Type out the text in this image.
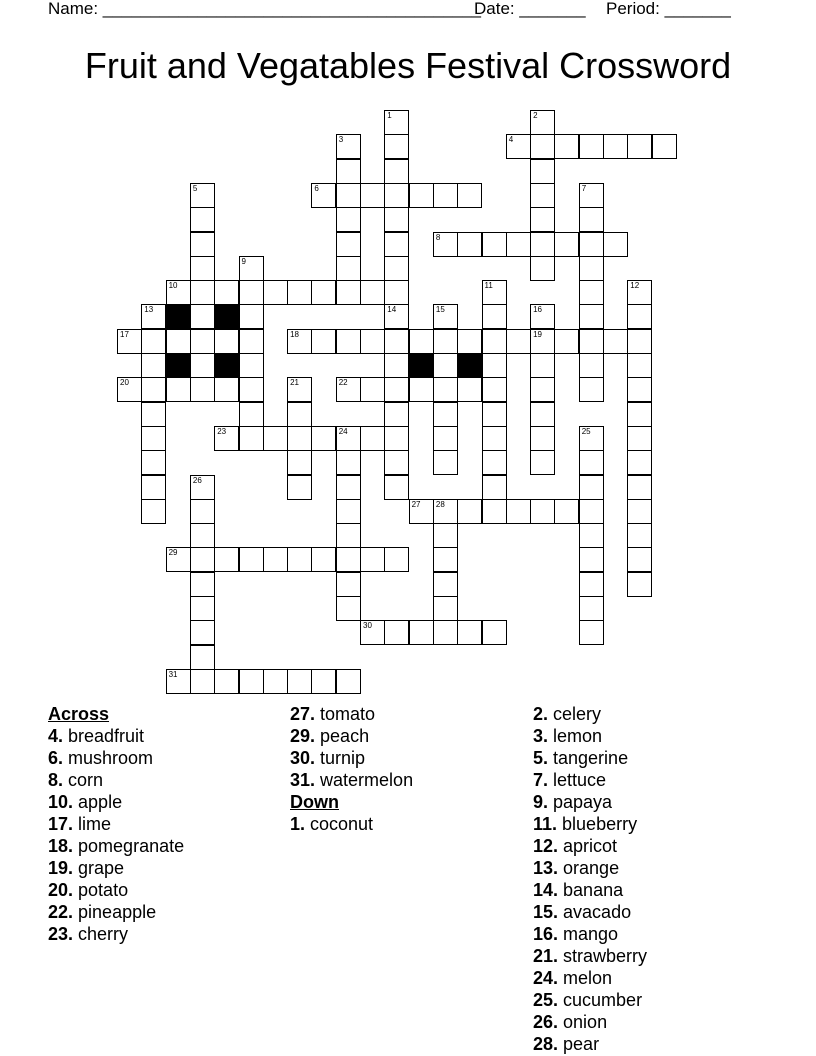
Name: ________________________________________

Date: _______

Period: _______

Fruit and Vegatables Festival Crossword
4
6
8
10
17	18	19
20	22
23	24
27 28
29
30
31
1	2
3
5	7
9
11	12
13	14	15	16
21
25
26
Across
4. breadfruit
6. mushroom
8. corn
10. apple
17. lime
18. pomegranate
19. grape
20. potato
22. pineapple
23. cherry
27. tomato
29. peach
30. turnip
31. watermelon
Down
1. coconut
2. celery
3. lemon
5. tangerine
7. lettuce
9. papaya
11. blueberry
12. apricot
13. orange
14. banana
15. avacado
16. mango
21. strawberry
24. melon
25. cucumber
26. onion
28. pear
